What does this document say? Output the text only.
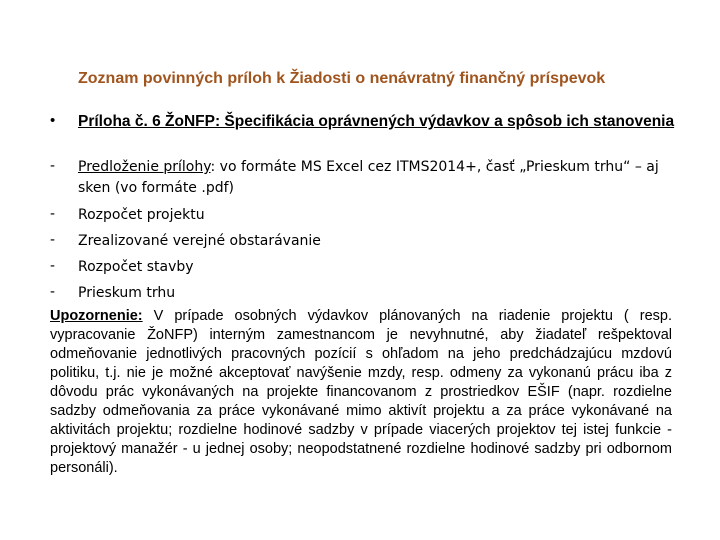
Zoznam povinných príloh k Žiadosti o nenávratný finančný príspevok
• Príloha č. 6 ŽoNFP: Špecifikácia oprávnených výdavkov a spôsob ich stanovenia
- Predloženie prílohy: vo formáte MS Excel cez ITMS2014+, časť „Prieskum trhu“ – aj sken (vo formáte .pdf)
- Rozpočet projektu
- Zrealizované verejné obstarávanie
- Rozpočet stavby
- Prieskum trhu
Upozornenie: V prípade osobných výdavkov plánovaných na riadenie projektu ( resp. vypracovanie ŽoNFP) interným zamestnancom je nevyhnutné, aby žiadateľ rešpektoval odmeňovanie jednotlivých pracovných pozícií s ohľadom na jeho predchádzajúcu mzdovú politiku, t.j. nie je možné akceptovať navýšenie mzdy, resp. odmeny za vykonanú prácu iba z dôvodu prác vykonávaných na projekte financovanom z prostriedkov EŠIF (napr. rozdielne sadzby odmeňovania za práce vykonávané mimo aktivít projektu a za práce vykonávané na aktivitách projektu; rozdielne hodinové sadzby v prípade viacerých projektov tej istej funkcie - projektový manažér - u jednej osoby; neopodstatnené rozdielne hodinové sadzby pri odbornom personáli).
